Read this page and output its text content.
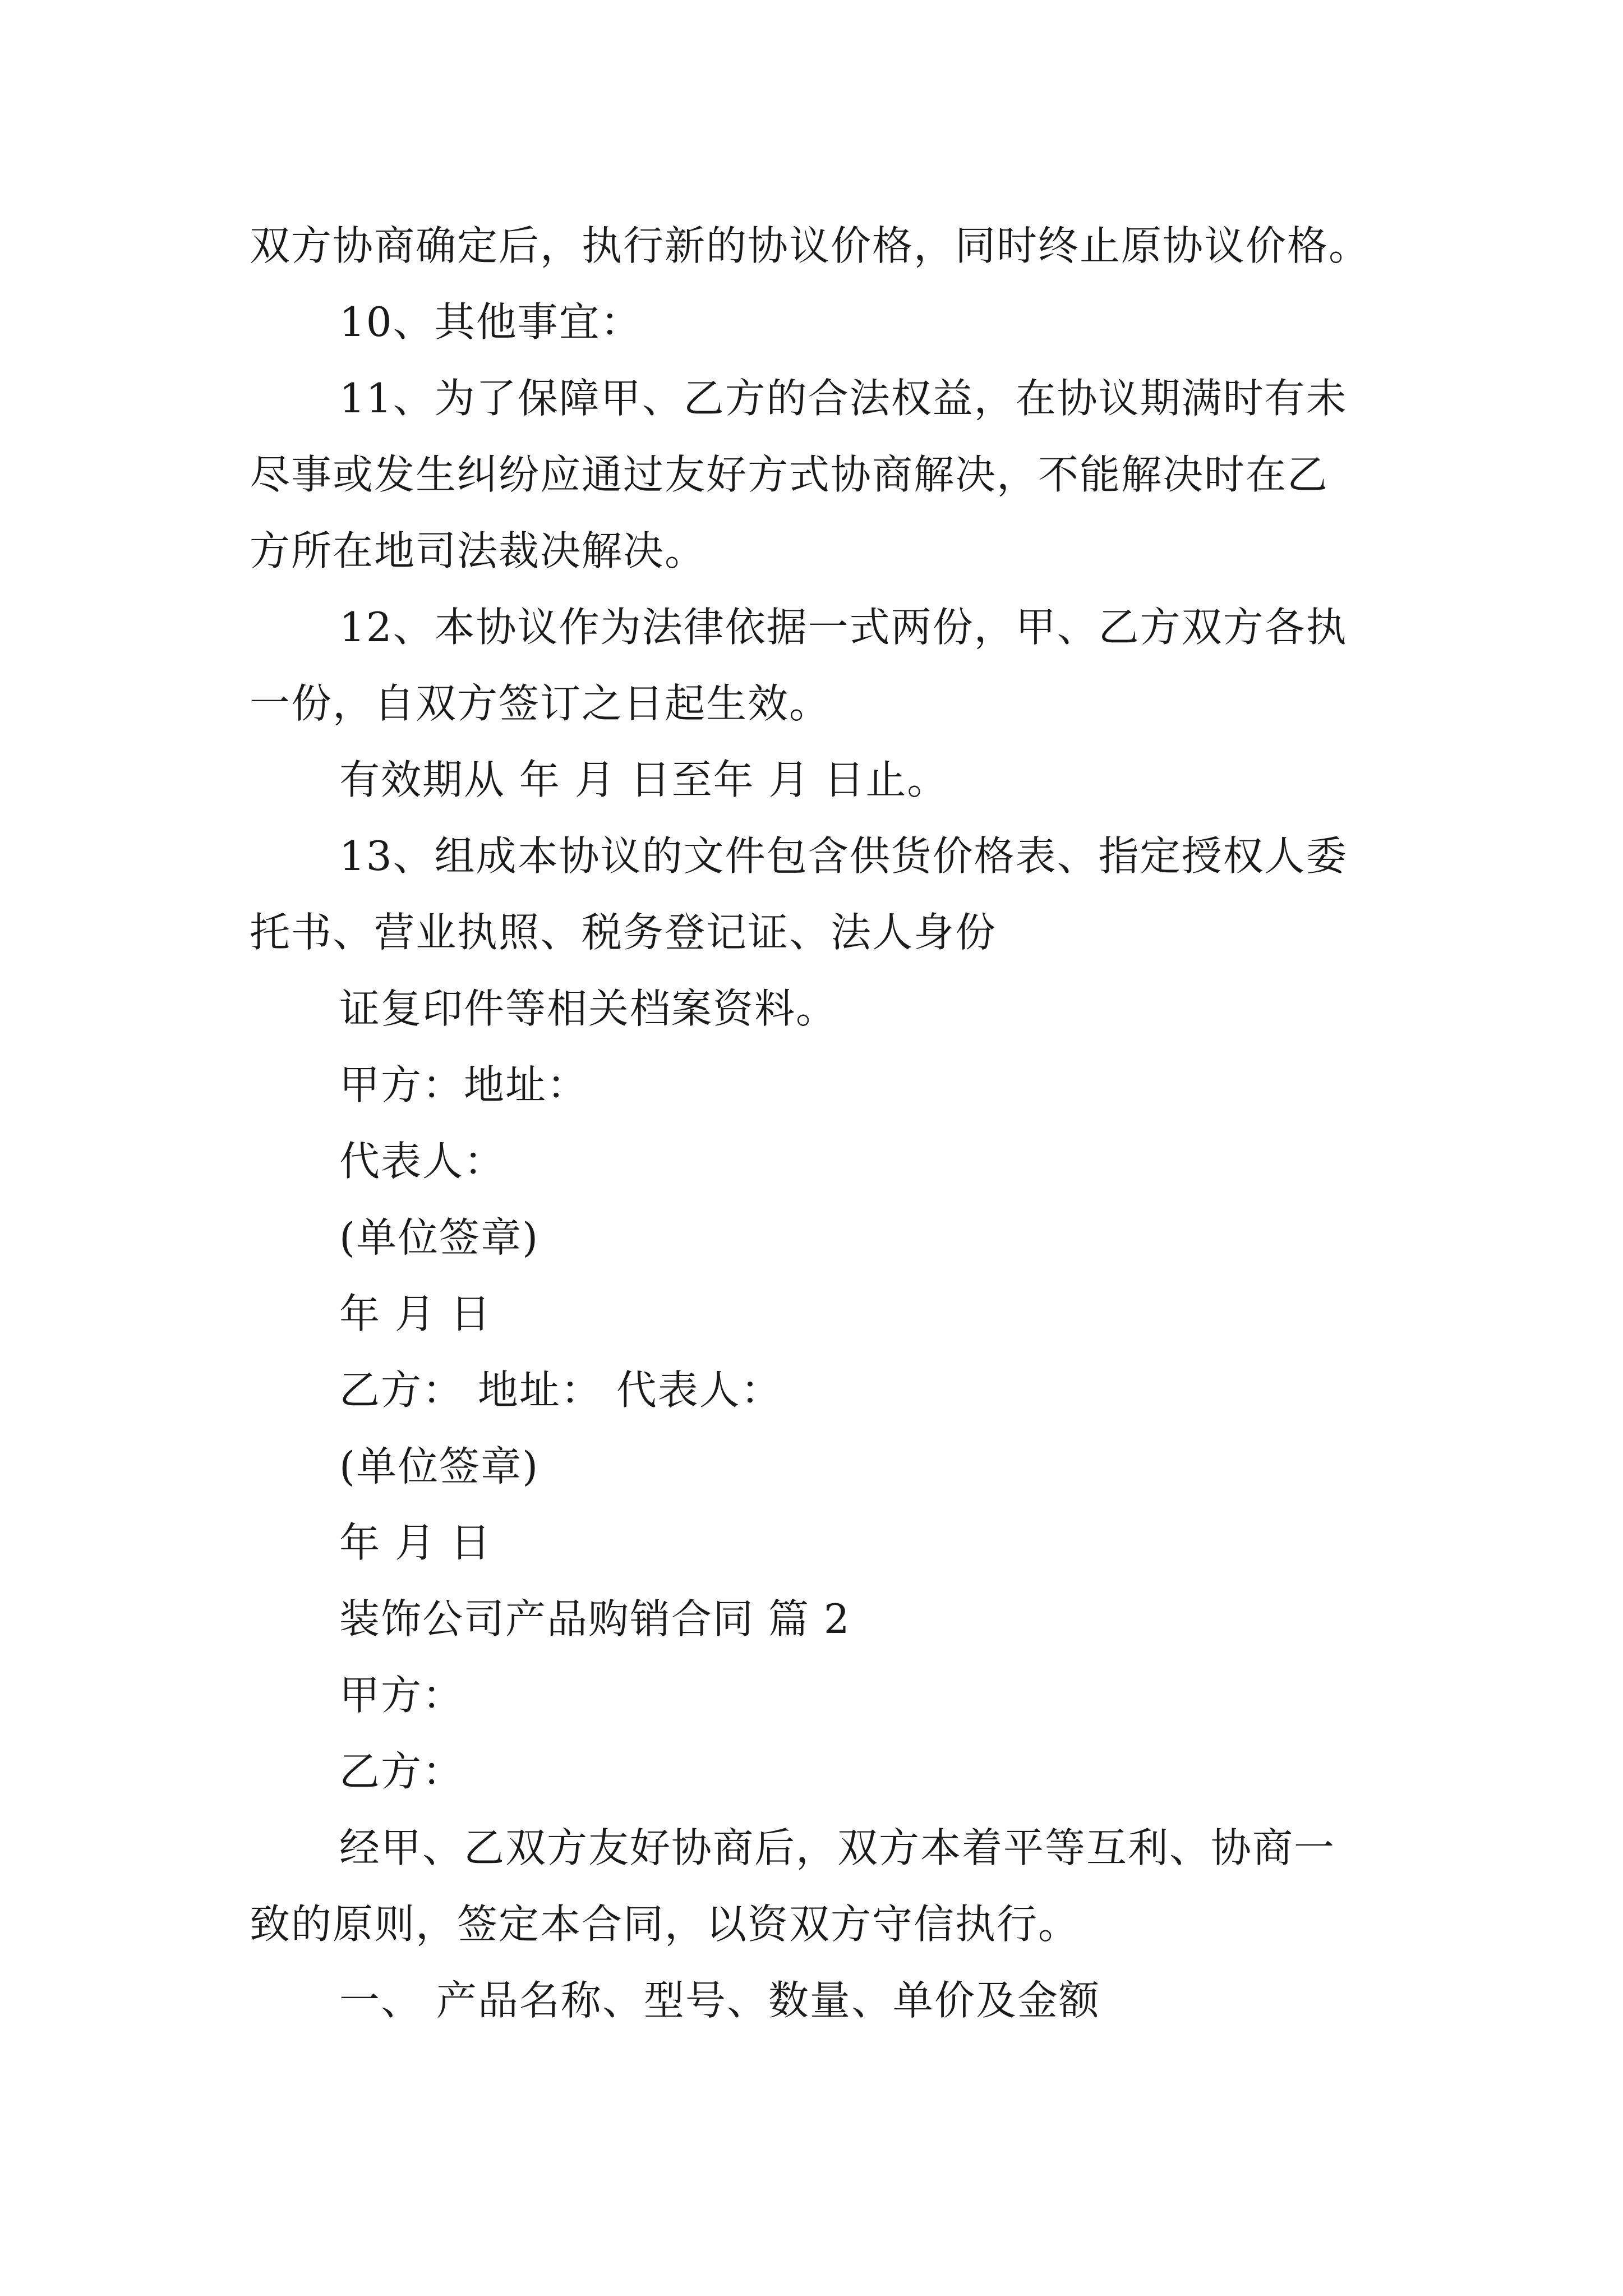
双方协商确定后，执行新的协议价格，同时终止原协议价格。
10、其他事宜：
11、为了保障甲、乙方的合法权益，在协议期满时有未
尽事或发生纠纷应通过友好方式协商解决，不能解决时在乙
方所在地司法裁决解决。
12、本协议作为法律依据一式两份，甲、乙方双方各执
一份，自双方签订之日起生效。
有效期从 年 月 日至年 月 日止。
13、组成本协议的文件包含供货价格表、指定授权人委
托书、营业执照、税务登记证、法人身份
证复印件等相关档案资料。
甲方：地址：
代表人：
(单位签章)
年 月 日
乙方： 地址： 代表人：
(单位签章)
年 月 日
装饰公司产品购销合同 篇 2
甲方：
乙方：
经甲、乙双方友好协商后，双方本着平等互利、协商一
致的原则，签定本合同，以资双方守信执行。
一、 产品名称、型号、数量、单价及金额
